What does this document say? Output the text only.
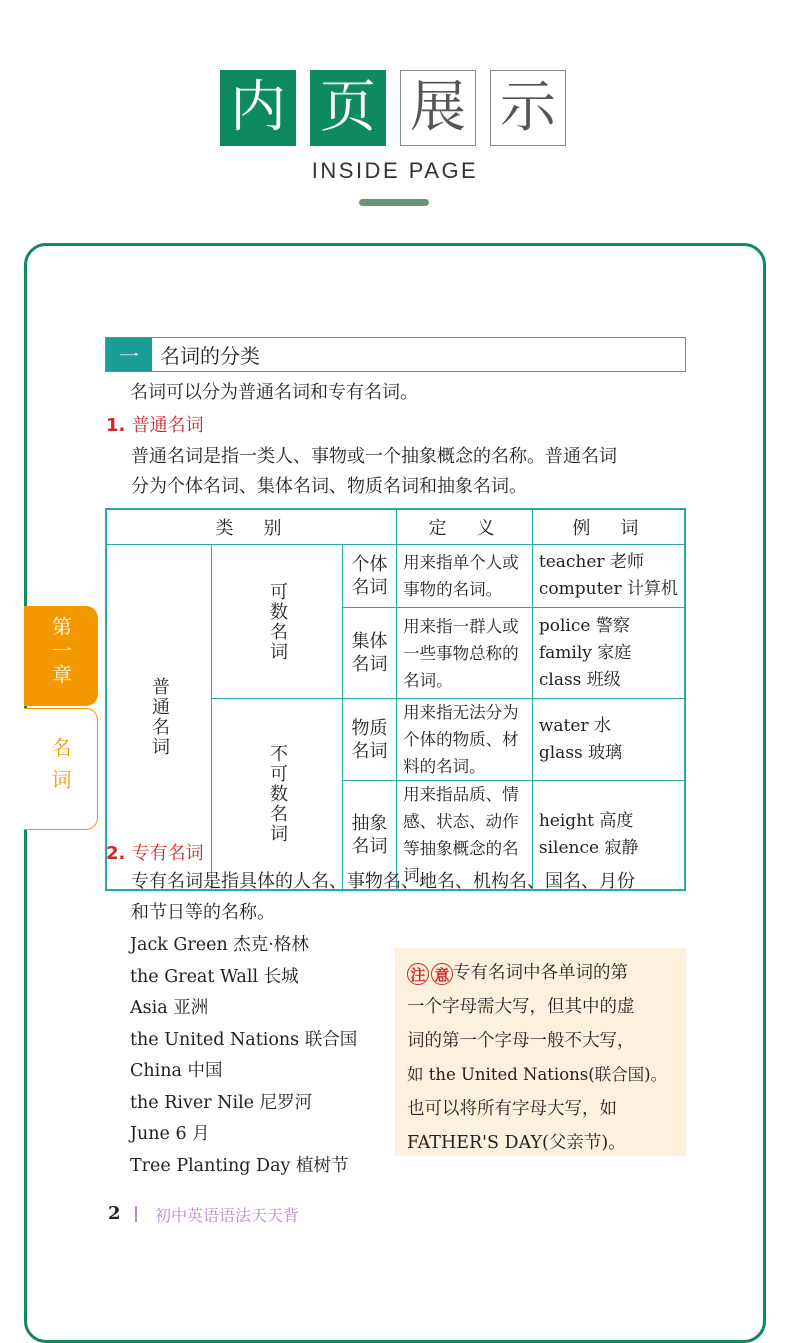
内 页 展 示
INSIDE PAGE
第一章
名词
一	名词的分类
名词可以分为普通名词和专有名词。
1. 普通名词
普通名词是指一类人、事物或一个抽象概念的名称。普通名词
分为个体名词、集体名词、物质名词和抽象名词。
类　别			定　义	例　词

普通名词	可数名词	个体名词	用来指单个人或事物的名词。	teacher 老师
computer 计算机

		集体名词	用来指一群人或一些事物总称的名词。	police 警察
family 家庭
class 班级

	不可数名词	物质名词	用来指无法分为个体的物质、材料的名词。	water 水
glass 玻璃

		抽象名词	用来指品质、情感、状态、动作等抽象概念的名词。	height 高度
silence 寂静
2. 专有名词
专有名词是指具体的人名、事物名、地名、机构名、国名、月份
和节日等的名称。
Jack Green 杰克·格林
the Great Wall 长城
Asia 亚洲
the United Nations 联合国
China 中国
the River Nile 尼罗河
June 6 月
Tree Planting Day 植树节
注 意 专有名词中各单词的第
一个字母需大写，但其中的虚
词的第一个字母一般不大写，
如 the United Nations(联合国)。
也可以将所有字母大写，如
FATHER'S DAY(父亲节)。
2 初中英语语法天天背
